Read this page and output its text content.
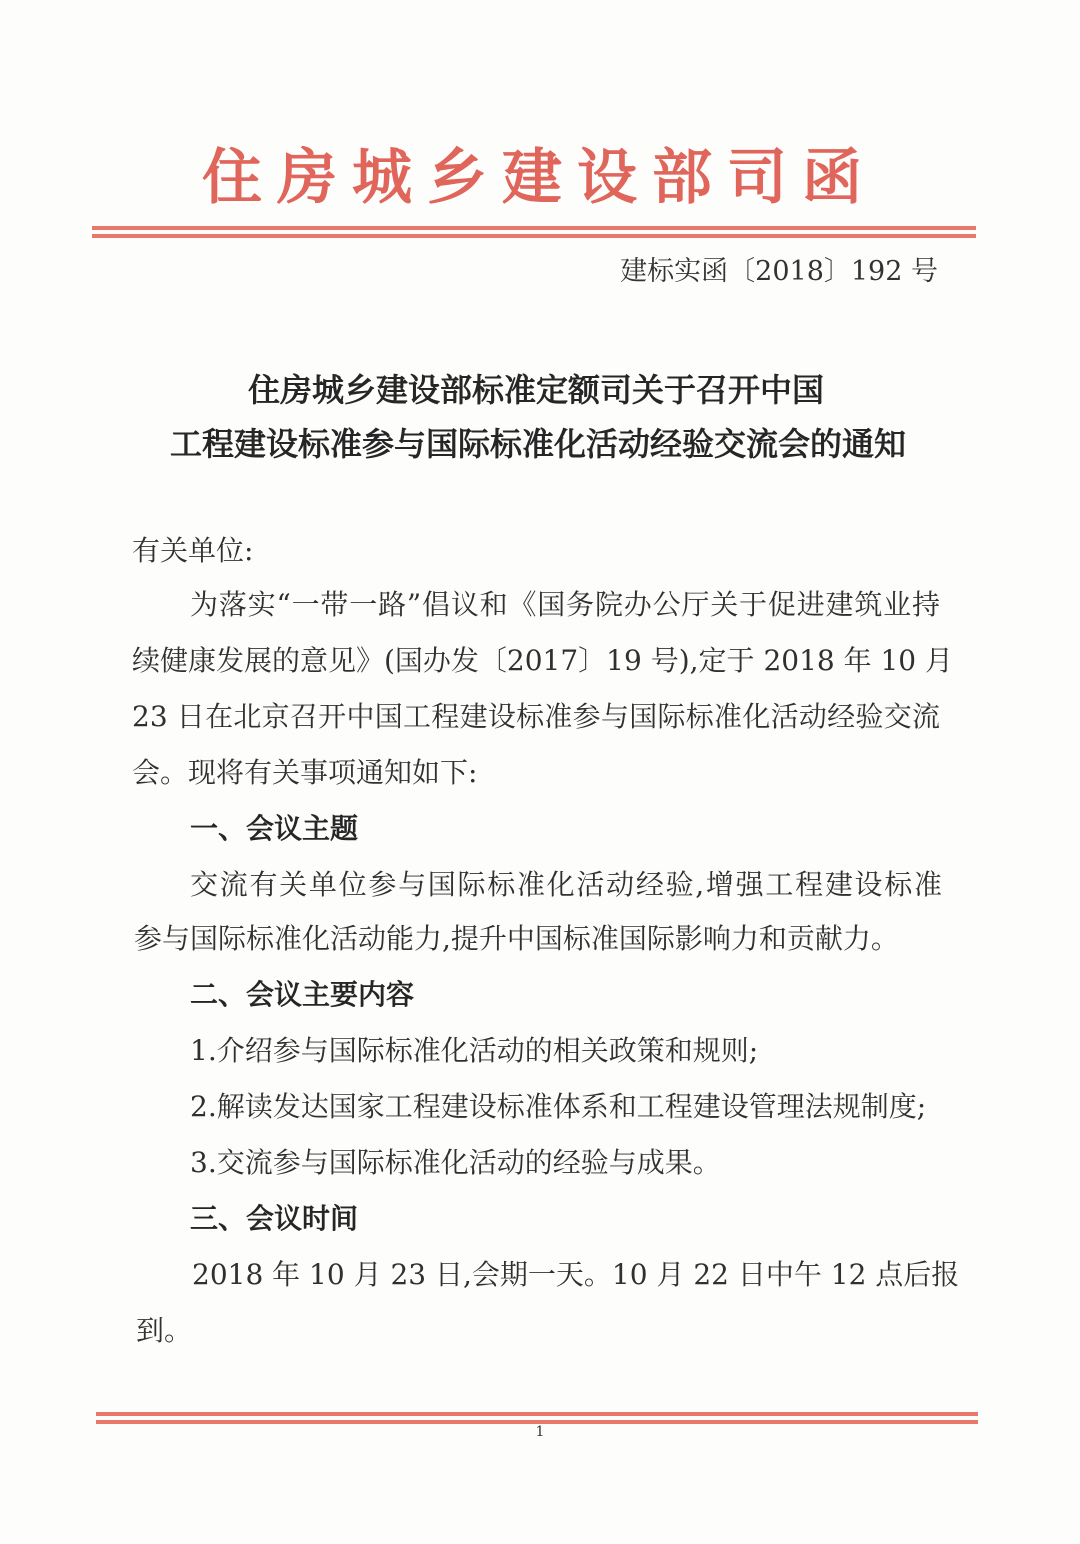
住 房 城 乡 建 设 部 司 函
建标实函〔2018〕192 号
住房城乡建设部标准定额司关于召开中国
工程建设标准参与国际标准化活动经验交流会的通知
有关单位:
为落实“一带一路”倡议和《国务院办公厅关于促进建筑业持
续健康发展的意见》(国办发〔2017〕19 号),定于 2018 年 10 月
23 日在北京召开中国工程建设标准参与国际标准化活动经验交流
会。现将有关事项通知如下:
一、会议主题
交流有关单位参与国际标准化活动经验,增强工程建设标准
参与国际标准化活动能力,提升中国标准国际影响力和贡献力。
二、会议主要内容
1.介绍参与国际标准化活动的相关政策和规则;
2.解读发达国家工程建设标准体系和工程建设管理法规制度;
3.交流参与国际标准化活动的经验与成果。
三、会议时间
2018 年 10 月 23 日,会期一天。10 月 22 日中午 12 点后报
到。
1
